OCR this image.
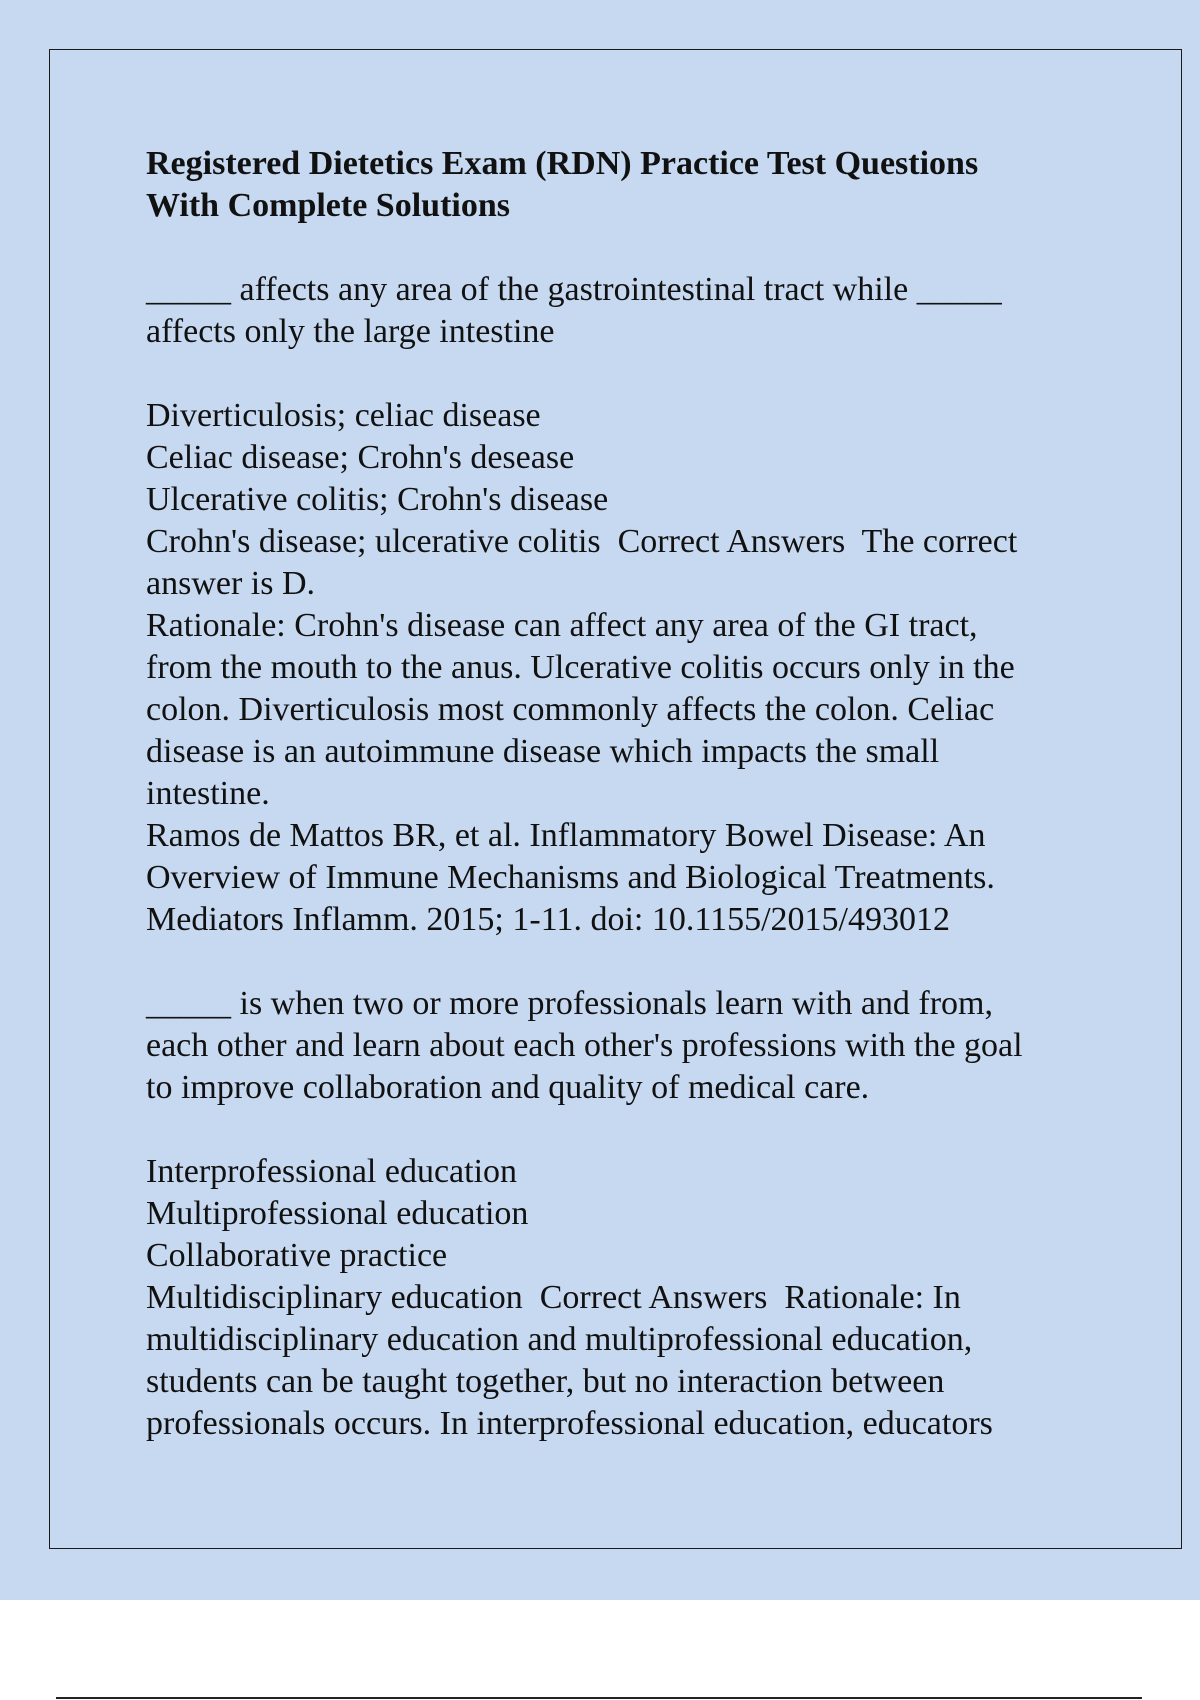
Registered Dietetics Exam (RDN) Practice Test Questions
With Complete Solutions
_____ affects any area of the gastrointestinal tract while _____
affects only the large intestine
Diverticulosis; celiac disease
Celiac disease; Crohn's desease
Ulcerative colitis; Crohn's disease
Crohn's disease; ulcerative colitis  Correct Answers  The correct
answer is D.
Rationale: Crohn's disease can affect any area of the GI tract,
from the mouth to the anus. Ulcerative colitis occurs only in the
colon. Diverticulosis most commonly affects the colon. Celiac
disease is an autoimmune disease which impacts the small
intestine.
Ramos de Mattos BR, et al. Inflammatory Bowel Disease: An
Overview of Immune Mechanisms and Biological Treatments.
Mediators Inflamm. 2015; 1-11. doi: 10.1155/2015/493012
_____ is when two or more professionals learn with and from,
each other and learn about each other's professions with the goal
to improve collaboration and quality of medical care.
Interprofessional education
Multiprofessional education
Collaborative practice
Multidisciplinary education  Correct Answers  Rationale: In
multidisciplinary education and multiprofessional education,
students can be taught together, but no interaction between
professionals occurs. In interprofessional education, educators
